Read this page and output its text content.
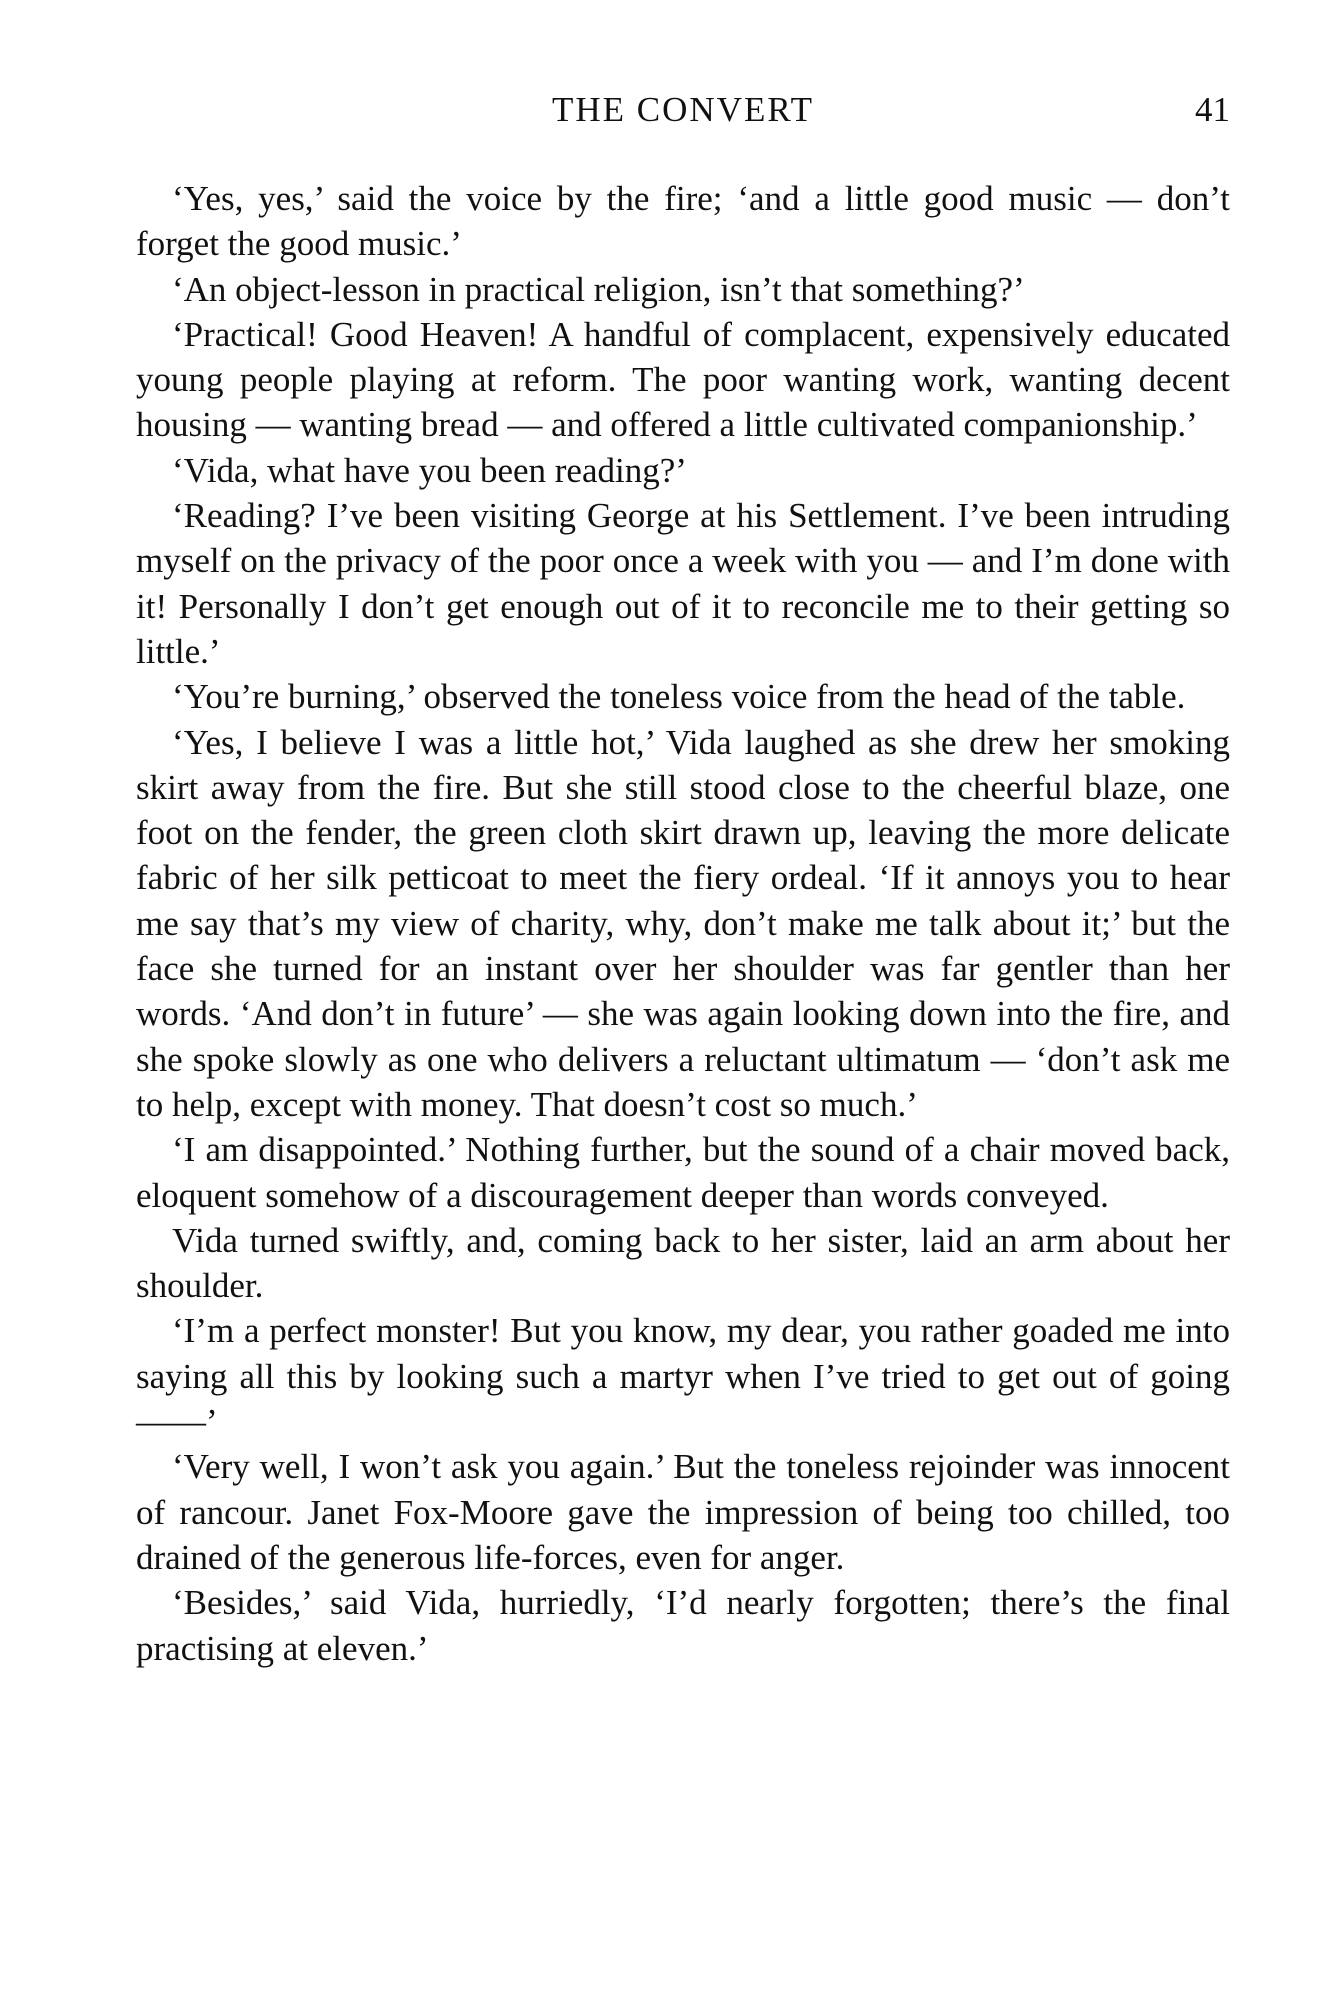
THE CONVERT	41

‘Yes, yes,’ said the voice by the fire; ‘and a little good music — don’t forget the good music.’

‘An object-lesson in practical religion, isn’t that something?’

‘Practical! Good Heaven! A handful of complacent, expensively educated young people playing at reform. The poor wanting work, wanting decent housing — wanting bread — and offered a little cultivated companionship.’

‘Vida, what have you been reading?’

‘Reading? I’ve been visiting George at his Settlement. I’ve been intruding myself on the privacy of the poor once a week with you — and I’m done with it! Personally I don’t get enough out of it to reconcile me to their getting so little.’

‘You’re burning,’ observed the toneless voice from the head of the table.

‘Yes, I believe I was a little hot,’ Vida laughed as she drew her smoking skirt away from the fire. But she still stood close to the cheerful blaze, one foot on the fender, the green cloth skirt drawn up, leaving the more delicate fabric of her silk petticoat to meet the fiery ordeal. ‘If it annoys you to hear me say that’s my view of charity, why, don’t make me talk about it;’ but the face she turned for an instant over her shoulder was far gentler than her words. ‘And don’t in future’ — she was again looking down into the fire, and she spoke slowly as one who delivers a reluctant ultimatum — ‘don’t ask me to help, except with money. That doesn’t cost so much.’

‘I am disappointed.’ Nothing further, but the sound of a chair moved back, eloquent somehow of a discouragement deeper than words conveyed.

Vida turned swiftly, and, coming back to her sister, laid an arm about her shoulder.

‘I’m a perfect monster! But you know, my dear, you rather goaded me into saying all this by looking such a martyr when I’ve tried to get out of going ——’

‘Very well, I won’t ask you again.’ But the toneless rejoinder was innocent of rancour. Janet Fox-Moore gave the impression of being too chilled, too drained of the generous life-forces, even for anger.

‘Besides,’ said Vida, hurriedly, ‘I’d nearly forgotten; there’s the final practising at eleven.’
